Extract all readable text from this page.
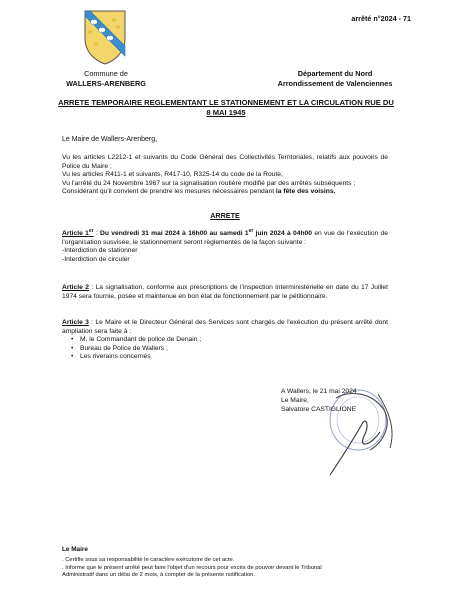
arrêté n°2024 - 71
Commune de
WALLERS-ARENBERG
Département du Nord
Arrondissement de Valenciennes
ARRETE TEMPORAIRE REGLEMENTANT LE STATIONNEMENT ET LA CIRCULATION RUE DU 8 MAI 1945
Le Maire de Wallers-Arenberg,

Vu les articles L2212-1 et suivants du Code Général des Collectivités Territoriales, relatifs aux pouvoirs de Police du Maire ;

Vu les articles R411-1 et suivants, R417-10, R325-14 du code de la Route,

Vu l'arrêté du 24 Novembre 1967 sur la signalisation routière modifié par des arrêtés subséquents ;

Considérant qu'il convient de prendre les mesures nécessaires pendant la fête des voisins.

ARRETE

Article 1er : Du vendredi 31 mai 2024 à 16h00 au samedi 1er juin 2024 à 04h00 en vue de l'exécution de l'organisation susvisée, le stationnement seront règlementés de la façon suivante :

-Interdiction de stationner

-Interdiction de circuler

Article 2 : La signalisation, conforme aux prescriptions de l'inspection interministérielle en date du 17 Juillet 1974 sera fournie, posée et maintenue en bon état de fonctionnement par le pétitionnaire.

Article 3 : Le Maire et le Directeur Général des Services sont chargés de l'exécution du présent arrêté dont ampliation sera faite à :

• M. le Commandant de police de Denain ;
• Bureau de Police de Wallers ;
• Les riverains concernés
A Wallers, le 21 mai 2024
Le Maire,
Salvatore CASTIGLIONE
Le Maire

. Certifie sous sa responsabilité le caractère exécutoire de cet acte.

. Informe que le présent arrêté peut faire l'objet d'un recours pour excès de pouvoir devant le Tribunal

Administratif dans un délai de 2 mois, à compter de la présente notification.
